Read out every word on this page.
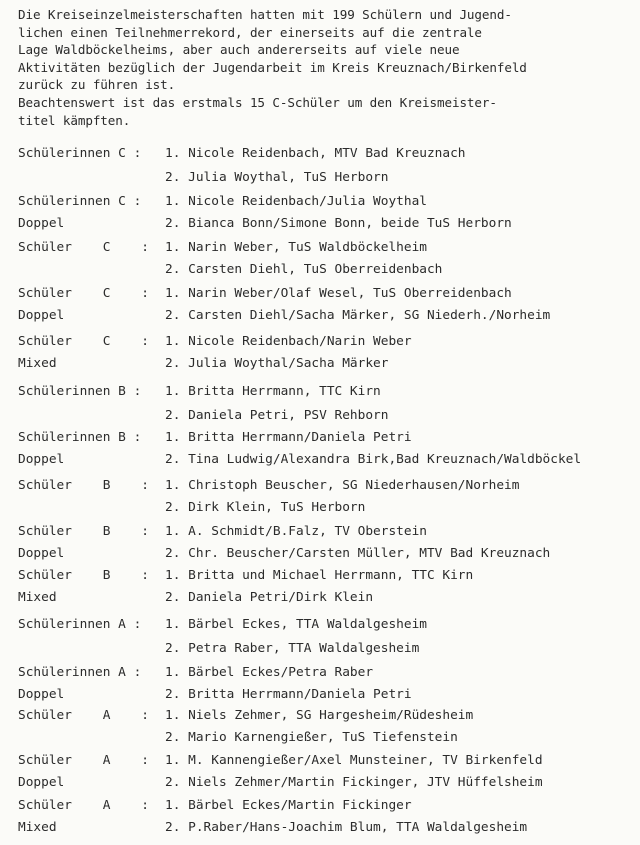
Die Kreiseinzelmeisterschaften hatten mit 199 Schülern und Jugend-

lichen einen Teilnehmerrekord, der einerseits auf die zentrale

Lage Waldböckelheims, aber auch andererseits auf viele neue

Aktivitäten bezüglich der Jugendarbeit im Kreis Kreuznach/Birkenfeld

zurück zu führen ist.

Beachtenswert ist das erstmals 15 C-Schüler um den Kreismeister-

titel kämpften.

Schülerinnen C : 1. Nicole Reidenbach, MTV Bad Kreuznach
2. Julia Woythal, TuS Herborn
Schülerinnen C : 1. Nicole Reidenbach/Julia Woythal
Doppel	2. Bianca Bonn/Simone Bonn, beide TuS Herborn
Schüler    C    : 1. Narin Weber, TuS Waldböckelheim
2. Carsten Diehl, TuS Oberreidenbach
Schüler    C    : 1. Narin Weber/Olaf Wesel, TuS Oberreidenbach
Doppel	2. Carsten Diehl/Sacha Märker, SG Niederh./Norheim
Schüler    C    : 1. Nicole Reidenbach/Narin Weber
Mixed	2. Julia Woythal/Sacha Märker
Schülerinnen B : 1. Britta Herrmann, TTC Kirn
2. Daniela Petri, PSV Rehborn
Schülerinnen B : 1. Britta Herrmann/Daniela Petri
Doppel	2. Tina Ludwig/Alexandra Birk,Bad Kreuznach/Waldböckel
Schüler    B    : 1. Christoph Beuscher, SG Niederhausen/Norheim
2. Dirk Klein, TuS Herborn
Schüler    B    : 1. A. Schmidt/B.Falz, TV Oberstein
Doppel	2. Chr. Beuscher/Carsten Müller, MTV Bad Kreuznach
Schüler    B    : 1. Britta und Michael Herrmann, TTC Kirn
Mixed	2. Daniela Petri/Dirk Klein
Schülerinnen A : 1. Bärbel Eckes, TTA Waldalgesheim
2. Petra Raber, TTA Waldalgesheim
Schülerinnen A : 1. Bärbel Eckes/Petra Raber
Doppel	2. Britta Herrmann/Daniela Petri
Schüler    A    : 1. Niels Zehmer, SG Hargesheim/Rüdesheim
2. Mario Karnengießer, TuS Tiefenstein
Schüler    A    : 1. M. Kannengießer/Axel Munsteiner, TV Birkenfeld
Doppel	2. Niels Zehmer/Martin Fickinger, JTV Hüffelsheim
Schüler    A    : 1. Bärbel Eckes/Martin Fickinger
Mixed	2. P.Raber/Hans-Joachim Blum, TTA Waldalgesheim
